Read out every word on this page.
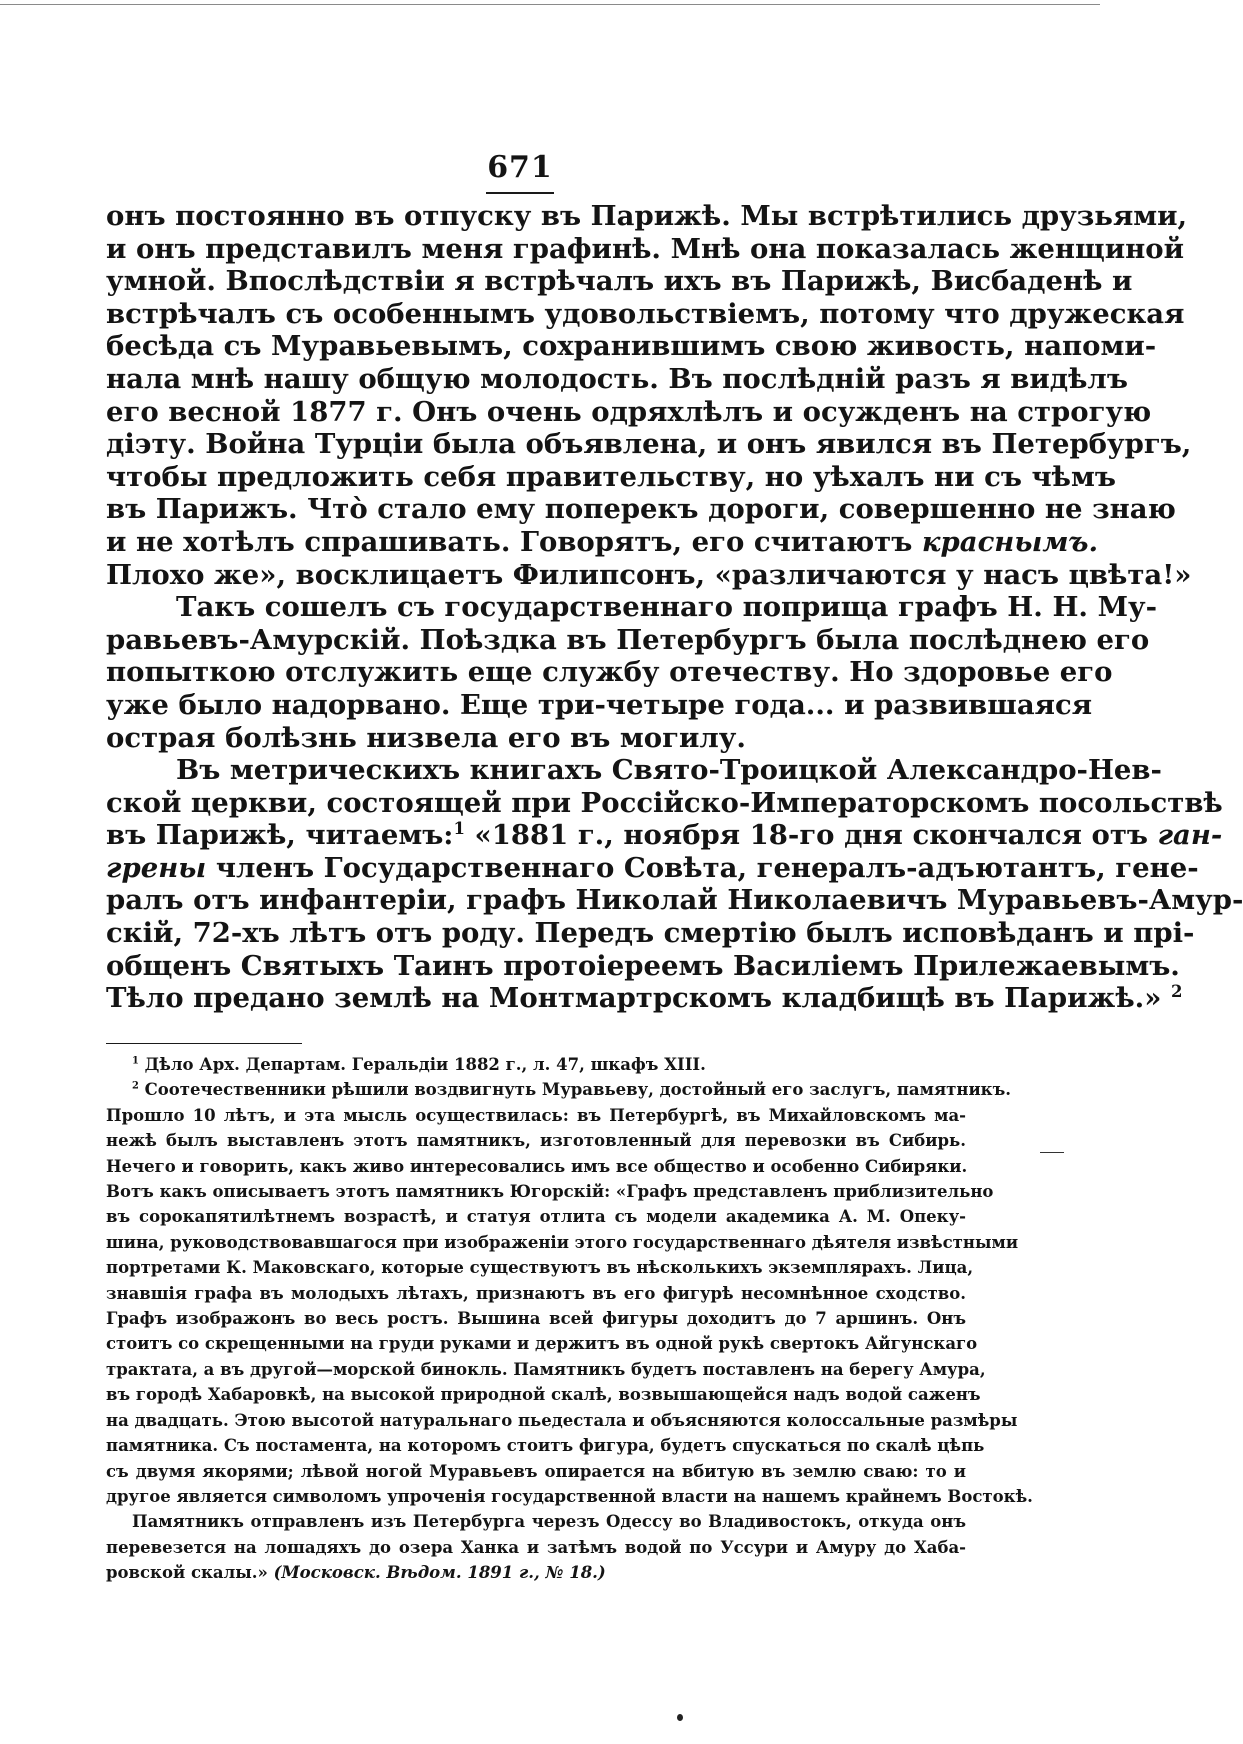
671
онъ постоянно въ отпуску въ Парижѣ. Мы встрѣтились друзьями,
и онъ представилъ меня графинѣ. Мнѣ она показалась женщиной
умной. Впослѣдствіи я встрѣчалъ ихъ въ Парижѣ, Висбаденѣ и
встрѣчалъ съ особеннымъ удовольствіемъ, потому что дружеская
бесѣда съ Муравьевымъ, сохранившимъ свою живость, напоми-
нала мнѣ нашу общую молодость. Въ послѣдній разъ я видѣлъ
его весной 1877 г. Онъ очень одряхлѣлъ и осужденъ на строгую
діэту. Война Турціи была объявлена, и онъ явился въ Петербургъ,
чтобы предложить себя правительству, но уѣхалъ ни съ чѣмъ
въ Парижъ. Что̀ стало ему поперекъ дороги, совершенно не знаю
и не хотѣлъ спрашивать. Говорятъ, его считаютъ краснымъ.
Плохо же», восклицаетъ Филипсонъ, «различаются у насъ цвѣта!»
Такъ сошелъ съ государственнаго поприща графъ Н. Н. Му-
равьевъ-Амурскій. Поѣздка въ Петербургъ была послѣднею его
попыткою отслужить еще службу отечеству. Но здоровье его
уже было надорвано. Еще три-четыре года... и развившаяся
острая болѣзнь низвела его въ могилу.
Въ метрическихъ книгахъ Свято-Троицкой Александро-Нев-
ской церкви, состоящей при Россійско-Императорскомъ посольствѣ
въ Парижѣ, читаемъ:$^1$ «1881 г., ноября 18-го дня скончался отъ ган-
грены члeнъ Государственнаго Совѣта, генералъ-адъютантъ, гене-
ралъ отъ инфантеріи, графъ Николай Николаевичъ Муравьевъ-Амур-
скій, 72-хъ лѣтъ отъ роду. Передъ смертію былъ исповѣданъ и прі-
общенъ Святыхъ Таинъ протоіереемъ Василіемъ Прилежаевымъ.
Тѣло предано землѣ на Монтмартрскомъ кладбищѣ въ Парижѣ.» $^2$
$^1$ Дѣло Арх. Департам. Геральдіи 1882 г., л. 47, шкафъ XIII.
$^2$ Соотечественники рѣшили воздвигнуть Муравьеву, достойный его заслугъ, памятникъ.
Прошло 10 лѣтъ, и эта мысль осуществилась: въ Петербургѣ, въ Михайловскомъ ма-
нежѣ былъ выставленъ этотъ памятникъ, изготовленный для перевозки въ Сибирь.
Нечего и говорить, какъ живо интересовались имъ все общество и особенно Сибиряки.
Вотъ какъ описываетъ этотъ памятникъ Югорскій: «Графъ представленъ приблизительно
въ сорокапятилѣтнемъ возрастѣ, и статуя отлита съ модели академика А. М. Опеку-
шина, руководствовавшагося при изображеніи этого государственнаго дѣятеля извѣстными
портретами К. Маковскаго, которые существуютъ въ нѣсколькихъ экземплярахъ. Лица,
знавшія графа въ молодыхъ лѣтахъ, признаютъ въ его фигурѣ несомнѣнное сходство.
Графъ изображонъ во весь ростъ. Вышина всей фигуры доходитъ до 7 аршинъ. Онъ
стоитъ со скрещенными на груди руками и держитъ въ одной рукѣ свертокъ Айгунскаго
трактата, а въ другой—морской бинокль. Памятникъ будетъ поставленъ на берегу Амура,
въ городѣ Хабаровкѣ, на высокой природной скалѣ, возвышающейся надъ водой саженъ
на двадцать. Этою высотой натуральнаго пьедестала и объясняются колоссальные размѣры
памятника. Съ постамента, на которомъ стоитъ фигура, будетъ спускаться по скалѣ цѣпь
съ двумя якорями; лѣвой ногой Муравьевъ опирается на вбитую въ землю сваю: то и
другое является символомъ упроченія государственной власти на нашемъ крайнемъ Востокѣ.
Памятникъ отправленъ изъ Петербурга черезъ Одессу во Владивостокъ, откуда онъ
перевезется на лошадяхъ до озера Ханка и затѣмъ водой по Уссури и Амуру до Хаба-
ровской скалы.» (Московск. Вѣдом. 1891 г., № 18.)
